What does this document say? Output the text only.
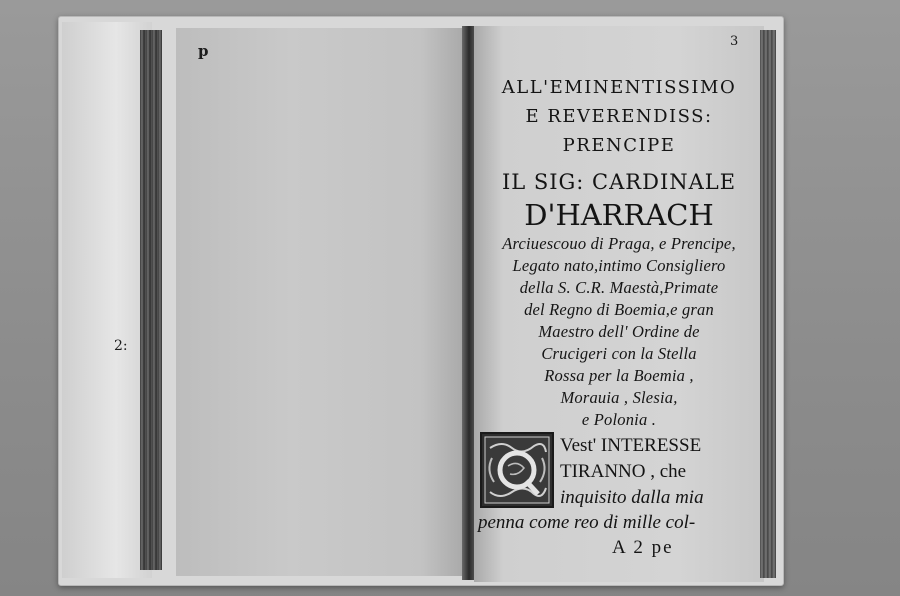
p
2:
3
ALL'EMINENTISSIMO
E REVERENDISS:
PRENCIPE
IL SIG: CARDINALE
D'HARRACH
Arciuescouo di Praga, e Prencipe,
Legato nato,intimo Consigliero
della S. C.R. Maestà,Primate
del Regno di Boemia,e gran
Maestro dell' Ordine de
Crucigeri con la Stella
Rossa per la Boemia ,
Morauia , Slesia,
e Polonia .
Vest' INTERESSE
TIRANNO , che
inquisito dalla mia
penna come reo di mille col-
A 2 pe
